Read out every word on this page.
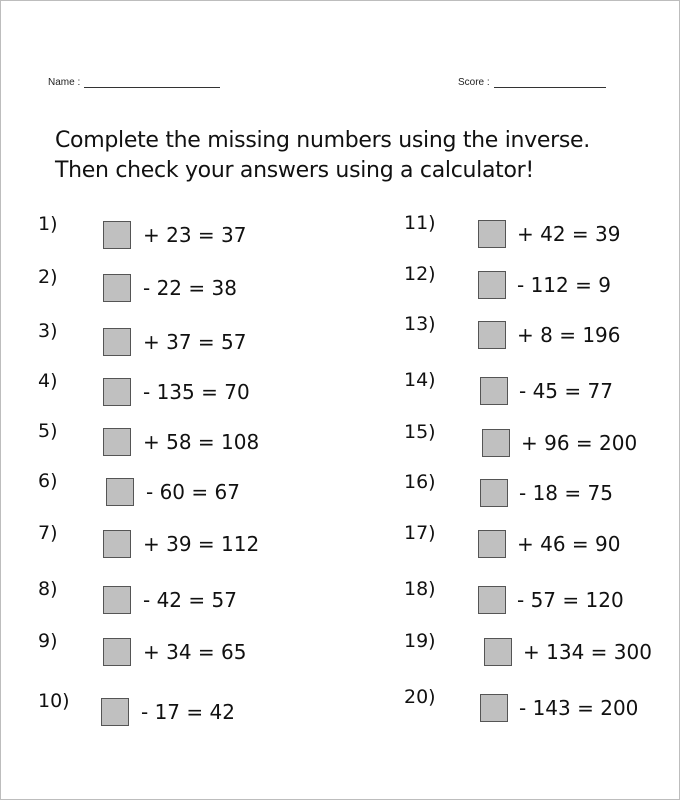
Name :	Score :
Complete the missing numbers using the inverse.
Then check your answers using a calculator!
1)	+ 23 = 37
2)	- 22 = 38
3)	+ 37 = 57
4)	- 135 = 70
5)	+ 58 = 108
6)	- 60 = 67
7)	+ 39 = 112
8)	- 42 = 57
9)	+ 34 = 65
10)	- 17 = 42
11)	+ 42 = 39
12)	- 112 = 9
13)	+ 8 = 196
14)	- 45 = 77
15)	+ 96 = 200
16)	- 18 = 75
17)	+ 46 = 90
18)	- 57 = 120
19)	+ 134 = 300
20)	- 143 = 200
